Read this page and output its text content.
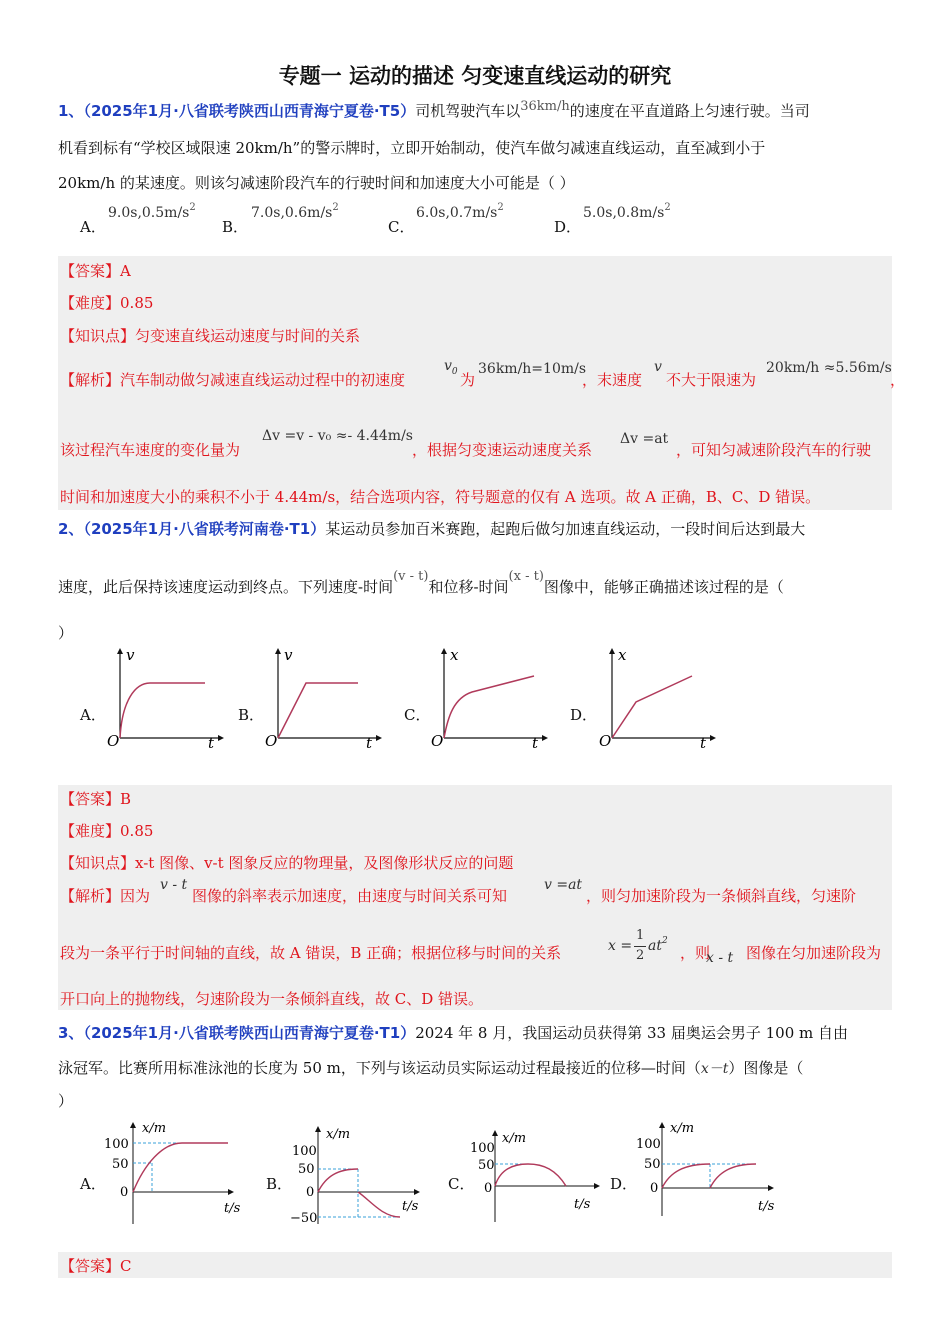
专题一 运动的描述 匀变速直线运动的研究
1、（2025年1月·八省联考陕西山西青海宁夏卷·T5）司机驾驶汽车以36km/h的速度在平直道路上匀速行驶。当司
机看到标有“学校区域限速 20km/h”的警示牌时，立即开始制动，使汽车做匀减速直线运动，直至减到小于
20km/h 的某速度。则该匀减速阶段汽车的行驶时间和加速度大小可能是（ ）
A．
$9.0s,0.5m/s^2$
B．
$7.0s,0.6m/s^2$
C．
$6.0s,0.7m/s^2$
D．
$5.0s,0.8m/s^2$
【答案】A
【难度】0.85
【知识点】匀变速直线运动速度与时间的关系
【解析】汽车制动做匀减速直线运动过程中的初速度
$v_0$ 为
36km/h=10m/s
，末速度
v
不大于限速为
20km/h ≈5.56m/s
，
该过程汽车速度的变化量为
Δv =v - v₀ ≈- 4.44m/s
，根据匀变速运动速度关系
Δv =at
，可知匀减速阶段汽车的行驶
时间和加速度大小的乘积不小于 4.44m/s，结合选项内容，符号题意的仅有 A 选项。故 A 正确，B、C、D 错误。
2、（2025年1月·八省联考河南卷·T1）某运动员参加百米赛跑，起跑后做匀加速直线运动，一段时间后达到最大
速度，此后保持该速度运动到终点。下列速度-时间(v - t)和位移-时间(x - t)图像中，能够正确描述该过程的是（
）
A．
v
O	t
B．
v
O	t
C．
x
O	t
D．
x
O	t
【答案】B
【难度】0.85
【知识点】x-t 图像、v-t 图象反应的物理量，及图像形状反应的问题
【解析】因为
v - t
图像的斜率表示加速度，由速度与时间关系可知
v =at
，则匀加速阶段为一条倾斜直线，匀速阶
段为一条平行于时间轴的直线，故 A 错误，B 正确；根据位移与时间的关系	x =
1
2
$at^2$
，则
x - t 图像在匀加速阶段为
开口向上的抛物线，匀速阶段为一条倾斜直线，故 C、D 错误。
3、（2025年1月·八省联考陕西山西青海宁夏卷·T1）2024 年 8 月，我国运动员获得第 33 届奥运会男子 100 m 自由
泳冠军。比赛所用标准泳池的长度为 50 m，下列与该运动员实际运动过程最接近的位移—时间（x－t）图像是（
）
A．
x/m
100
50
0
t/s
B．
x/m
100
50
0
−50
t/s
C．
x/m
100
50
0
t/s
D．
x/m
100
50
0
t/s
【答案】C
